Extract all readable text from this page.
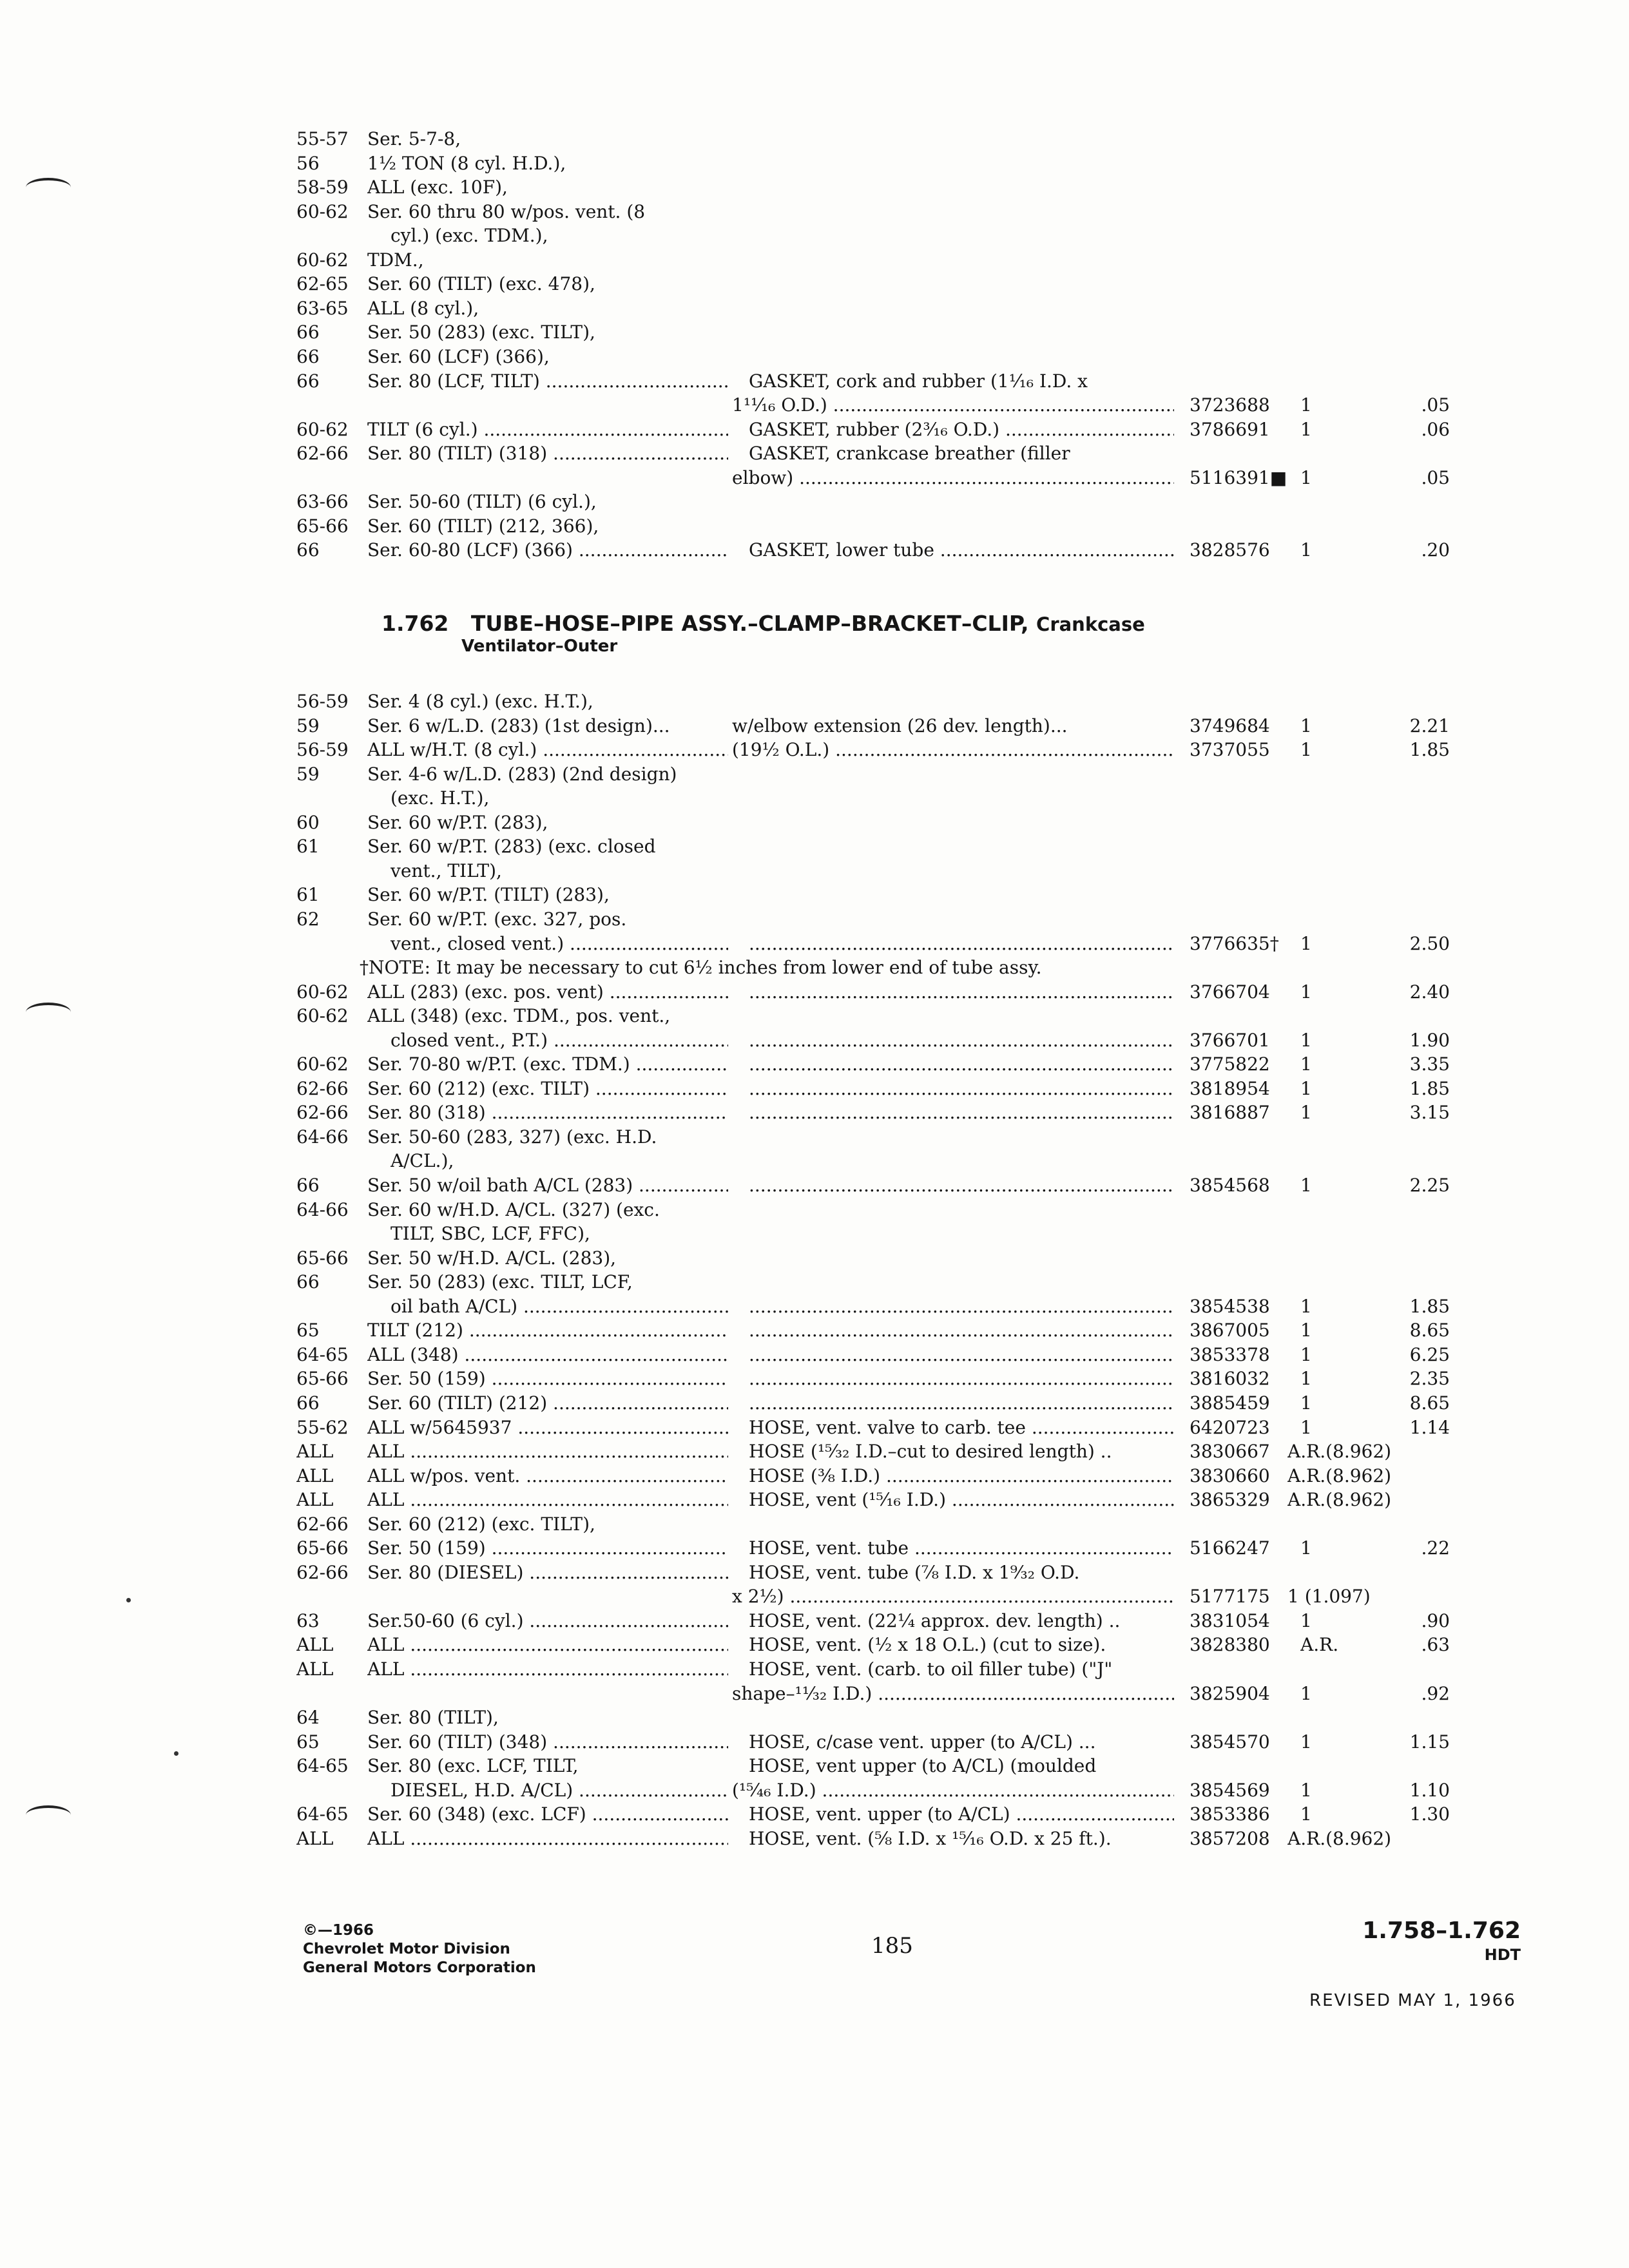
55-57	Ser. 5-7-8,
56	1½ TON (8 cyl. H.D.),
58-59	ALL (exc. 10F),
60-62	Ser. 60 thru 80 w/pos. vent. (8
cyl.) (exc. TDM.),
60-62	TDM.,
62-65	Ser. 60 (TILT) (exc. 478),
63-65	ALL (8 cyl.),
66	Ser. 50 (283) (exc. TILT),
66	Ser. 60 (LCF) (366),
66	Ser. 80 (LCF, TILT) .....	GASKET, cork and rubber (1¹⁄₁₆ I.D. x
1¹¹⁄₁₆ O.D.) .....	3723688	1	.05
60-62	TILT (6 cyl.) .....	GASKET, rubber (2³⁄₁₆ O.D.) .....	3786691	1	.06
62-66	Ser. 80 (TILT) (318) .....	GASKET, crankcase breather (filler
elbow) .....	5116391■ 1	.05
63-66	Ser. 50-60 (TILT) (6 cyl.),
65-66	Ser. 60 (TILT) (212, 366),
66	Ser. 60-80 (LCF) (366) .....	GASKET, lower tube .....	3828576	1	.20
1.762 TUBE–HOSE–PIPE ASSY.–CLAMP–BRACKET–CLIP, Crankcase
Ventilator–Outer
56-59	Ser. 4 (8 cyl.) (exc. H.T.),
59	Ser. 6 w/L.D. (283) (1st design)...	w/elbow extension (26 dev. length)...	3749684	1	2.21
56-59	ALL w/H.T. (8 cyl.) .....	(19½ O.L.) .....	3737055	1	1.85
59	Ser. 4-6 w/L.D. (283) (2nd design)
(exc. H.T.),
60	Ser. 60 w/P.T. (283),
61	Ser. 60 w/P.T. (283) (exc. closed
vent., TILT),
61	Ser. 60 w/P.T. (TILT) (283),
62	Ser. 60 w/P.T. (exc. 327, pos.
vent., closed vent.) ..... .....	3776635†	1	2.50
†NOTE: It may be necessary to cut 6½ inches from lower end of tube assy.
60-62	ALL (283) (exc. pos. vent) ..... .....	3766704	1	2.40
60-62	ALL (348) (exc. TDM., pos. vent.,
closed vent., P.T.) ..... .....	3766701	1	1.90
60-62	Ser. 70-80 w/P.T. (exc. TDM.) ..... .....	3775822	1	3.35
62-66	Ser. 60 (212) (exc. TILT) ..... .....	3818954	1	1.85
62-66	Ser. 80 (318) ..... .....	3816887	1	3.15
64-66	Ser. 50-60 (283, 327) (exc. H.D.
A/CL.),
66	Ser. 50 w/oil bath A/CL (283) ..... .....	3854568	1	2.25
64-66	Ser. 60 w/H.D. A/CL. (327) (exc.
TILT, SBC, LCF, FFC),
65-66	Ser. 50 w/H.D. A/CL. (283),
66	Ser. 50 (283) (exc. TILT, LCF,
oil bath A/CL) ..... .....	3854538	1	1.85
65	TILT (212) ..... .....	3867005	1	8.65
64-65	ALL (348) ..... .....	3853378	1	6.25
65-66	Ser. 50 (159) ..... .....	3816032	1	2.35
66	Ser. 60 (TILT) (212) ..... .....	3885459	1	8.65
55-62	ALL w/5645937 .....	HOSE, vent. valve to carb. tee .....	6420723	1	1.14
ALL	ALL .....	HOSE (¹⁵⁄₃₂ I.D.–cut to desired length) ..	3830667 A.R.(8.962)
ALL	ALL w/pos. vent. .....	HOSE (³⁄₈ I.D.) .....	3830660 A.R.(8.962)
ALL	ALL .....	HOSE, vent (¹⁵⁄₁₆ I.D.) .....	3865329 A.R.(8.962)
62-66	Ser. 60 (212) (exc. TILT),
65-66	Ser. 50 (159) .....	HOSE, vent. tube .....	5166247	1	.22
62-66	Ser. 80 (DIESEL) .....	HOSE, vent. tube (⁷⁄₈ I.D. x 1⁹⁄₃₂ O.D.
x 2½) .....	5177175 1 (1.097)
63	Ser.50-60 (6 cyl.) .....	HOSE, vent. (22¼ approx. dev. length) ..	3831054	1	.90
ALL	ALL .....	HOSE, vent. (½ x 18 O.L.) (cut to size).	3828380	A.R.	.63
ALL	ALL .....	HOSE, vent. (carb. to oil filler tube) ("J"
shape–¹¹⁄₃₂ I.D.) .....	3825904	1	.92
64	Ser. 80 (TILT),
65	Ser. 60 (TILT) (348) .....	HOSE, c/case vent. upper (to A/CL) ...	3854570	1	1.15
64-65	Ser. 80 (exc. LCF, TILT,	HOSE, vent upper (to A/CL) (moulded
DIESEL, H.D. A/CL) .....	(¹⁵⁄₄₆ I.D.) .....	3854569	1	1.10
64-65	Ser. 60 (348) (exc. LCF) .....	HOSE, vent. upper (to A/CL) .....	3853386	1	1.30
ALL	ALL .....	HOSE, vent. (⁵⁄₈ I.D. x ¹⁵⁄₁₆ O.D. x 25 ft.).	3857208 A.R.(8.962)
©—1966
Chevrolet Motor Division
General Motors Corporation
185
1.758–1.762
HDT
REVISED MAY 1, 1966
